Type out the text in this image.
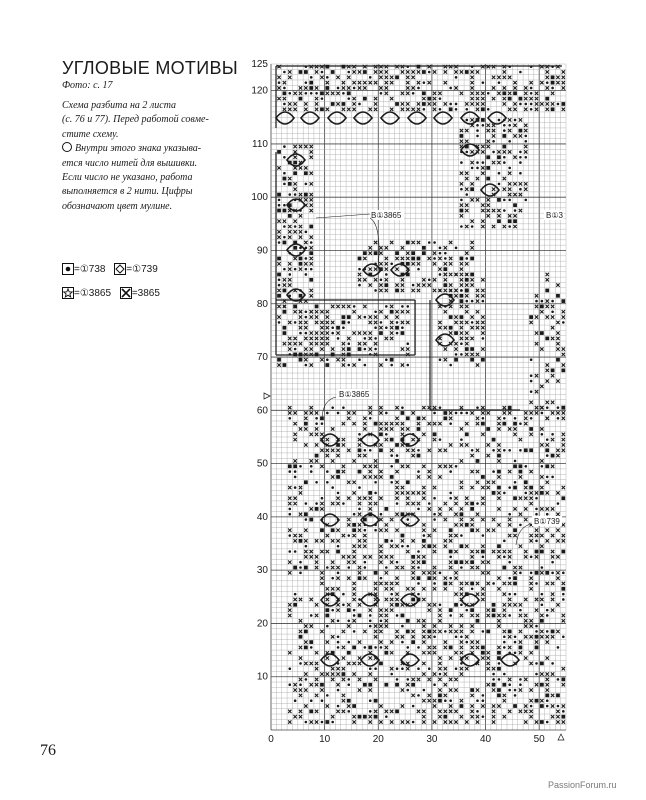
УГЛОВЫЕ МОТИВЫ
Фото: с. 17

Схема разбита на 2 листа

(с. 76 и 77). Перед работой совме-

стите схему.

Внутри этого знака указыва-

ется число нитей для вышивки.

Если число не указано, работа

выполняется в 2 нити. Цифры

обозначают цвет мулине.

=①738
=①739
=①3865
=3865
125
120
110
100
90
80
70
60
50
40
30
20
10
0	10	20	30	40	50
B①3865	B①3
B①3865
B①739
76
PassionForum.ru
